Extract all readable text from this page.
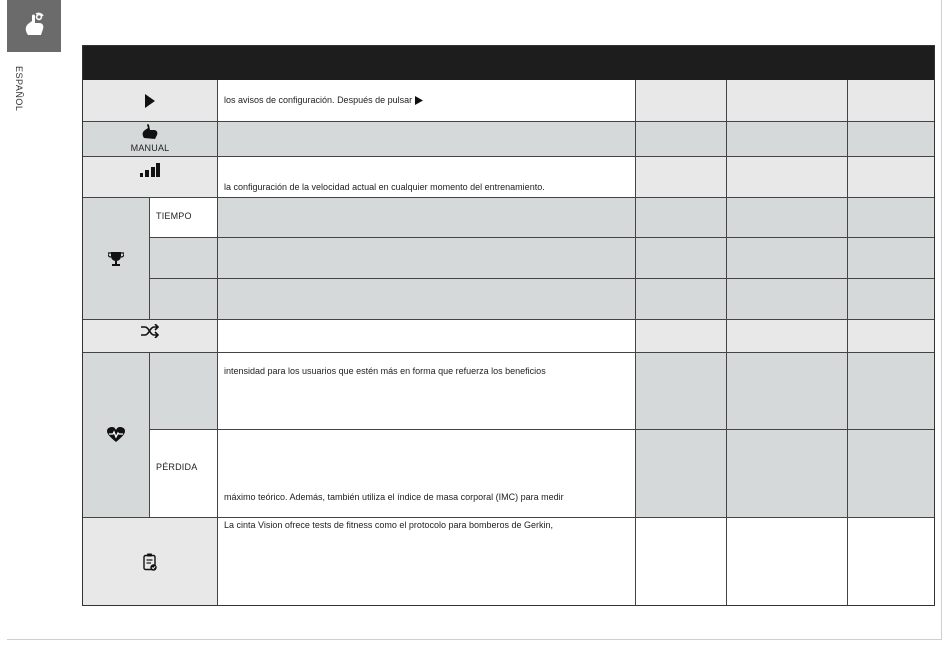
ESPAÑOL	los avisos de configuración. Después de pulsar
MANUAL
la configuración de la velocidad actual en cualquier momento del entrenamiento.
TIEMPO
intensidad para los usuarios que estén más en forma que refuerza los beneficios
PÉRDIDA
máximo teórico. Además, también utiliza el índice de masa corporal (IMC) para medir
La cinta Vision ofrece tests de fitness como el protocolo para bomberos de Gerkin,
